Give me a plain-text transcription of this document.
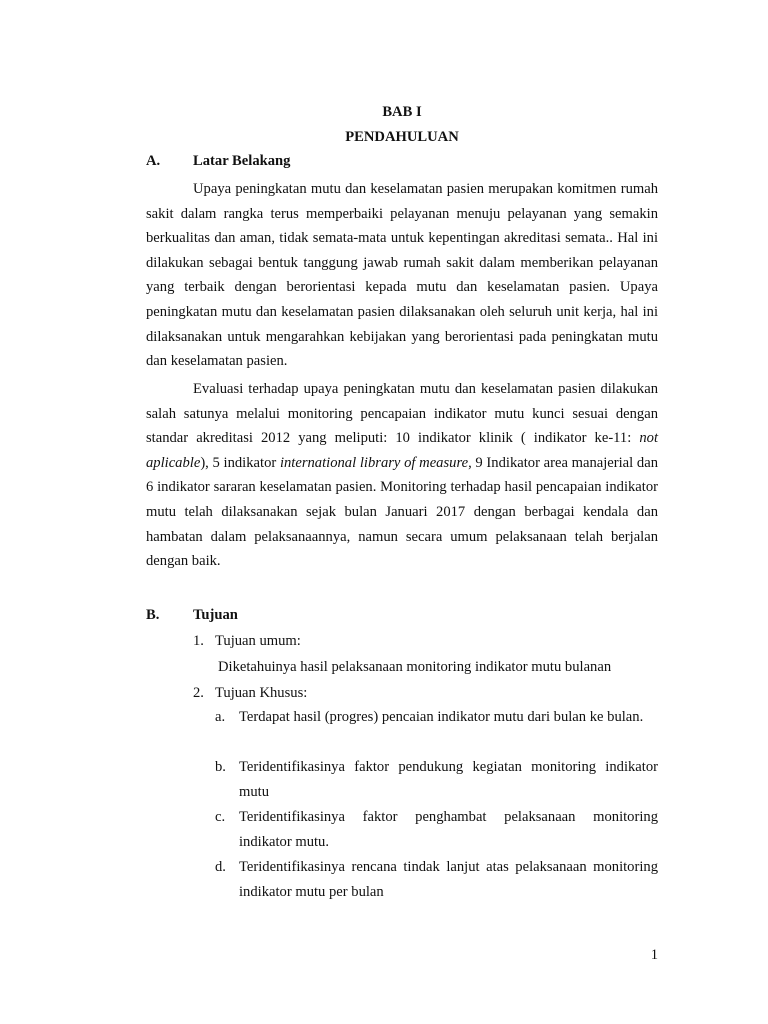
BAB I
PENDAHULUAN
A. Latar Belakang

Upaya peningkatan mutu dan keselamatan pasien merupakan komitmen rumah sakit dalam rangka terus memperbaiki pelayanan menuju pelayanan yang semakin berkualitas dan aman, tidak semata-mata untuk kepentingan akreditasi semata.. Hal ini dilakukan sebagai bentuk tanggung jawab rumah sakit dalam memberikan pelayanan yang terbaik dengan berorientasi kepada mutu dan keselamatan pasien. Upaya peningkatan mutu dan keselamatan pasien dilaksanakan oleh seluruh unit kerja, hal ini dilaksanakan untuk mengarahkan kebijakan yang berorientasi pada peningkatan mutu dan keselamatan pasien.

Evaluasi terhadap upaya peningkatan mutu dan keselamatan pasien dilakukan salah satunya melalui monitoring pencapaian indikator mutu kunci sesuai dengan standar akreditasi 2012 yang meliputi: 10 indikator klinik ( indikator ke-11: not aplicable), 5 indikator international library of measure, 9 Indikator area manajerial dan 6 indikator sararan keselamatan pasien. Monitoring terhadap hasil pencapaian indikator mutu telah dilaksanakan sejak bulan Januari 2017 dengan berbagai kendala dan hambatan dalam pelaksanaannya, namun secara umum pelaksanaan telah berjalan dengan baik.

B. Tujuan
1. Tujuan umum:
Diketahuinya hasil pelaksanaan monitoring indikator mutu bulanan
2. Tujuan Khusus:
a. Terdapat hasil (progres) pencaian indikator mutu dari bulan ke bulan.

b. Teridentifikasinya faktor pendukung kegiatan monitoring indikator mutu

c. Teridentifikasinya faktor penghambat pelaksanaan monitoring indikator mutu.

d. Teridentifikasinya rencana tindak lanjut atas pelaksanaan monitoring indikator mutu per bulan

1
